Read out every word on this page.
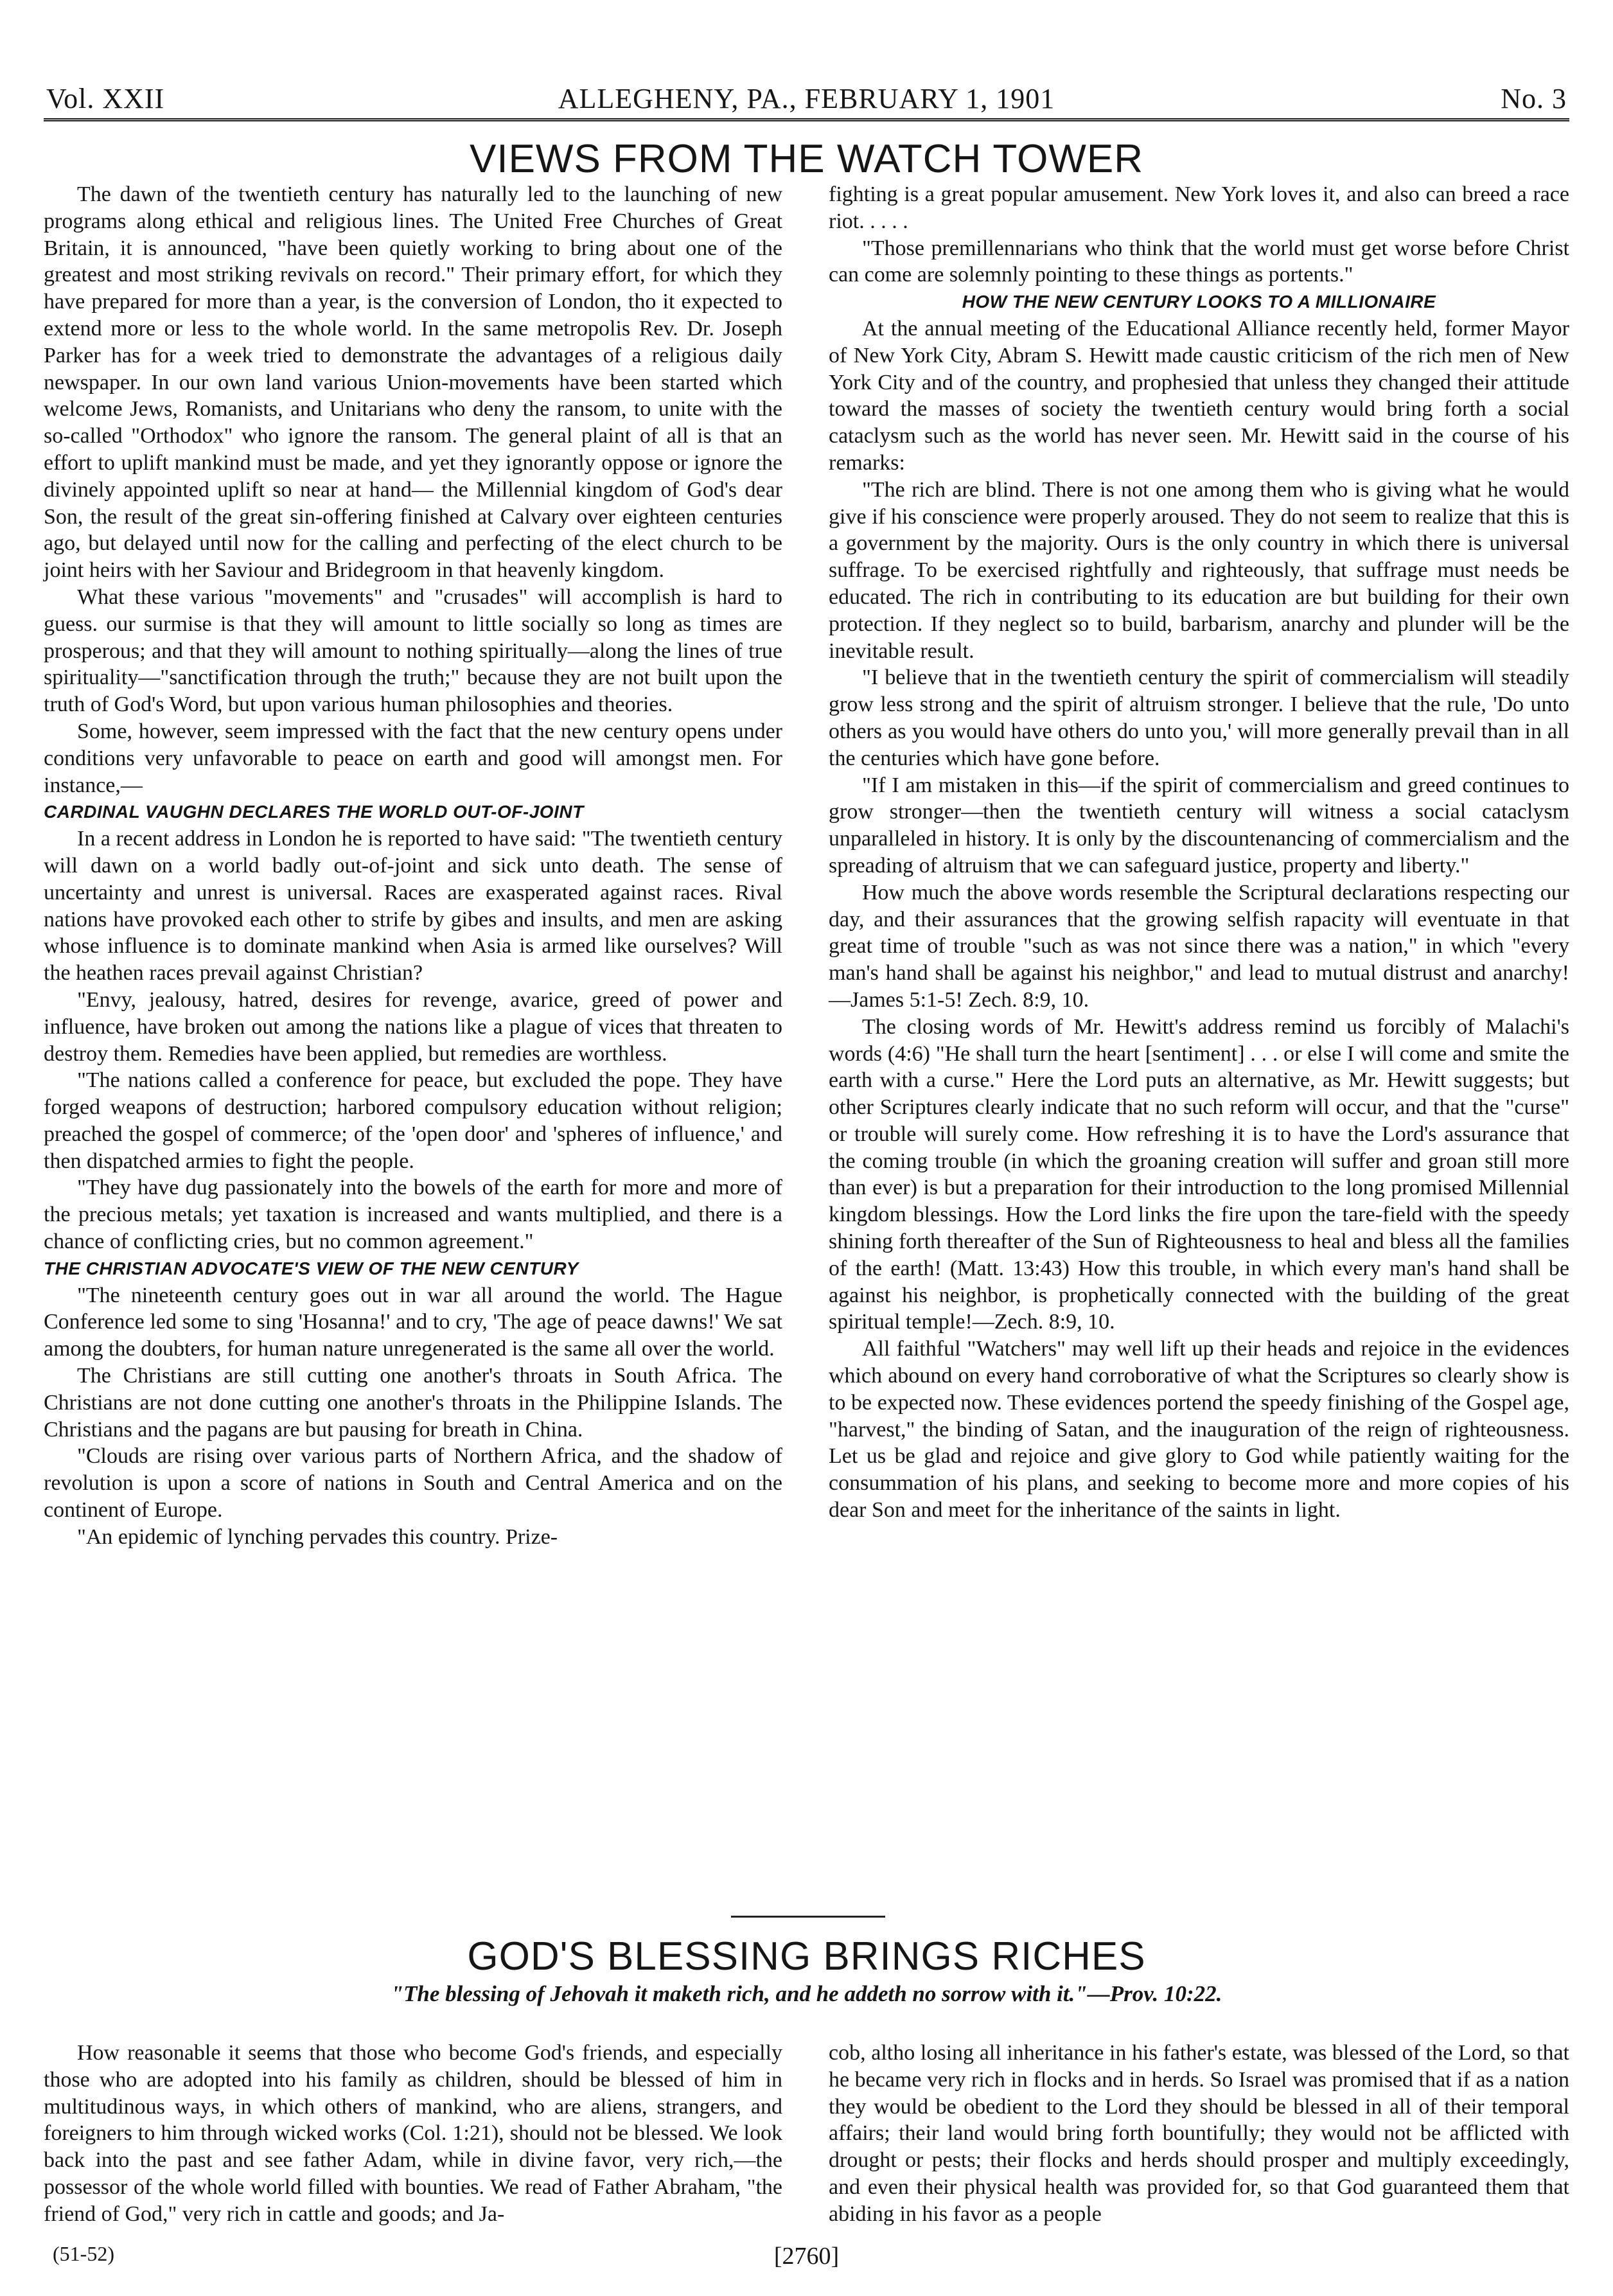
ALLEGHENY, PA., FEBRUARY 1, 1901
Vol. XXII	No. 3
VIEWS FROM THE WATCH TOWER

The dawn of the twentieth century has naturally led to the launching of new programs along ethical and religious lines. The United Free Churches of Great Britain, it is announced, "have been quietly working to bring about one of the greatest and most striking revivals on record." Their primary effort, for which they have prepared for more than a year, is the conversion of London, tho it expected to extend more or less to the whole world. In the same metropolis Rev. Dr. Joseph Parker has for a week tried to demonstrate the advantages of a religious daily newspaper. In our own land various Union-movements have been started which welcome Jews, Romanists, and Unitarians who deny the ransom, to unite with the so-called "Orthodox" who ignore the ransom. The general plaint of all is that an effort to uplift mankind must be made, and yet they ignorantly oppose or ignore the divinely appointed uplift so near at hand— the Millennial kingdom of God's dear Son, the result of the great sin-offering finished at Calvary over eighteen centuries ago, but delayed until now for the calling and perfecting of the elect church to be joint heirs with her Saviour and Bridegroom in that heavenly kingdom.

What these various "movements" and "crusades" will accomplish is hard to guess. our surmise is that they will amount to little socially so long as times are prosperous; and that they will amount to nothing spiritually—along the lines of true spirituality—"sanctification through the truth;" because they are not built upon the truth of God's Word, but upon various human philosophies and theories.

Some, however, seem impressed with the fact that the new century opens under conditions very unfavorable to peace on earth and good will amongst men. For instance,—

CARDINAL VAUGHN DECLARES THE WORLD OUT-OF-JOINT

In a recent address in London he is reported to have said: "The twentieth century will dawn on a world badly out-of-joint and sick unto death. The sense of uncertainty and unrest is universal. Races are exasperated against races. Rival nations have provoked each other to strife by gibes and insults, and men are asking whose influence is to dominate mankind when Asia is armed like ourselves? Will the heathen races prevail against Christian?

"Envy, jealousy, hatred, desires for revenge, avarice, greed of power and influence, have broken out among the nations like a plague of vices that threaten to destroy them. Remedies have been applied, but remedies are worthless.

"The nations called a conference for peace, but excluded the pope. They have forged weapons of destruction; harbored compulsory education without religion; preached the gospel of commerce; of the 'open door' and 'spheres of influence,' and then dispatched armies to fight the people.

"They have dug passionately into the bowels of the earth for more and more of the precious metals; yet taxation is increased and wants multiplied, and there is a chance of conflicting cries, but no common agreement."

THE CHRISTIAN ADVOCATE'S VIEW OF THE NEW CENTURY

"The nineteenth century goes out in war all around the world. The Hague Conference led some to sing 'Hosanna!' and to cry, 'The age of peace dawns!' We sat among the doubters, for human nature unregenerated is the same all over the world.

The Christians are still cutting one another's throats in South Africa. The Christians are not done cutting one another's throats in the Philippine Islands. The Christians and the pagans are but pausing for breath in China.

"Clouds are rising over various parts of Northern Africa, and the shadow of revolution is upon a score of nations in South and Central America and on the continent of Europe.

"An epidemic of lynching pervades this country. Prize-

fighting is a great popular amusement. New York loves it, and also can breed a race riot. . . . .

"Those premillennarians who think that the world must get worse before Christ can come are solemnly pointing to these things as portents."

HOW THE NEW CENTURY LOOKS TO A MILLIONAIRE

At the annual meeting of the Educational Alliance recently held, former Mayor of New York City, Abram S. Hewitt made caustic criticism of the rich men of New York City and of the country, and prophesied that unless they changed their attitude toward the masses of society the twentieth century would bring forth a social cataclysm such as the world has never seen. Mr. Hewitt said in the course of his remarks:

"The rich are blind. There is not one among them who is giving what he would give if his conscience were properly aroused. They do not seem to realize that this is a government by the majority. Ours is the only country in which there is universal suffrage. To be exercised rightfully and righteously, that suffrage must needs be educated. The rich in contributing to its education are but building for their own protection. If they neglect so to build, barbarism, anarchy and plunder will be the inevitable result.

"I believe that in the twentieth century the spirit of commercialism will steadily grow less strong and the spirit of altruism stronger. I believe that the rule, 'Do unto others as you would have others do unto you,' will more generally prevail than in all the centuries which have gone before.

"If I am mistaken in this—if the spirit of commercialism and greed continues to grow stronger—then the twentieth century will witness a social cataclysm unparalleled in history. It is only by the discountenancing of commercialism and the spreading of altruism that we can safeguard justice, property and liberty."

How much the above words resemble the Scriptural declarations respecting our day, and their assurances that the growing selfish rapacity will eventuate in that great time of trouble "such as was not since there was a nation," in which "every man's hand shall be against his neighbor," and lead to mutual distrust and anarchy!—James 5:1-5! Zech. 8:9, 10.

The closing words of Mr. Hewitt's address remind us forcibly of Malachi's words (4:6) "He shall turn the heart [sentiment] . . . or else I will come and smite the earth with a curse." Here the Lord puts an alternative, as Mr. Hewitt suggests; but other Scriptures clearly indicate that no such reform will occur, and that the "curse" or trouble will surely come. How refreshing it is to have the Lord's assurance that the coming trouble (in which the groaning creation will suffer and groan still more than ever) is but a preparation for their introduction to the long promised Millennial kingdom blessings. How the Lord links the fire upon the tare-field with the speedy shining forth thereafter of the Sun of Righteousness to heal and bless all the families of the earth! (Matt. 13:43) How this trouble, in which every man's hand shall be against his neighbor, is prophetically connected with the building of the great spiritual temple!—Zech. 8:9, 10.

All faithful "Watchers" may well lift up their heads and rejoice in the evidences which abound on every hand corroborative of what the Scriptures so clearly show is to be expected now. These evidences portend the speedy finishing of the Gospel age, "harvest," the binding of Satan, and the inauguration of the reign of righteousness. Let us be glad and rejoice and give glory to God while patiently waiting for the consummation of his plans, and seeking to become more and more copies of his dear Son and meet for the inheritance of the saints in light.

GOD'S BLESSING BRINGS RICHES
"The blessing of Jehovah it maketh rich, and he addeth no sorrow with it."—Prov. 10:22.

How reasonable it seems that those who become God's friends, and especially those who are adopted into his family as children, should be blessed of him in multitudinous ways, in which others of mankind, who are aliens, strangers, and foreigners to him through wicked works (Col. 1:21), should not be blessed. We look back into the past and see father Adam, while in divine favor, very rich,—the possessor of the whole world filled with bounties. We read of Father Abraham, "the friend of God," very rich in cattle and goods; and Ja-

cob, altho losing all inheritance in his father's estate, was blessed of the Lord, so that he became very rich in flocks and in herds. So Israel was promised that if as a nation they would be obedient to the Lord they should be blessed in all of their temporal affairs; their land would bring forth bountifully; they would not be afflicted with drought or pests; their flocks and herds should prosper and multiply exceedingly, and even their physical health was provided for, so that God guaranteed them that abiding in his favor as a people

[2760]
(51-52)
